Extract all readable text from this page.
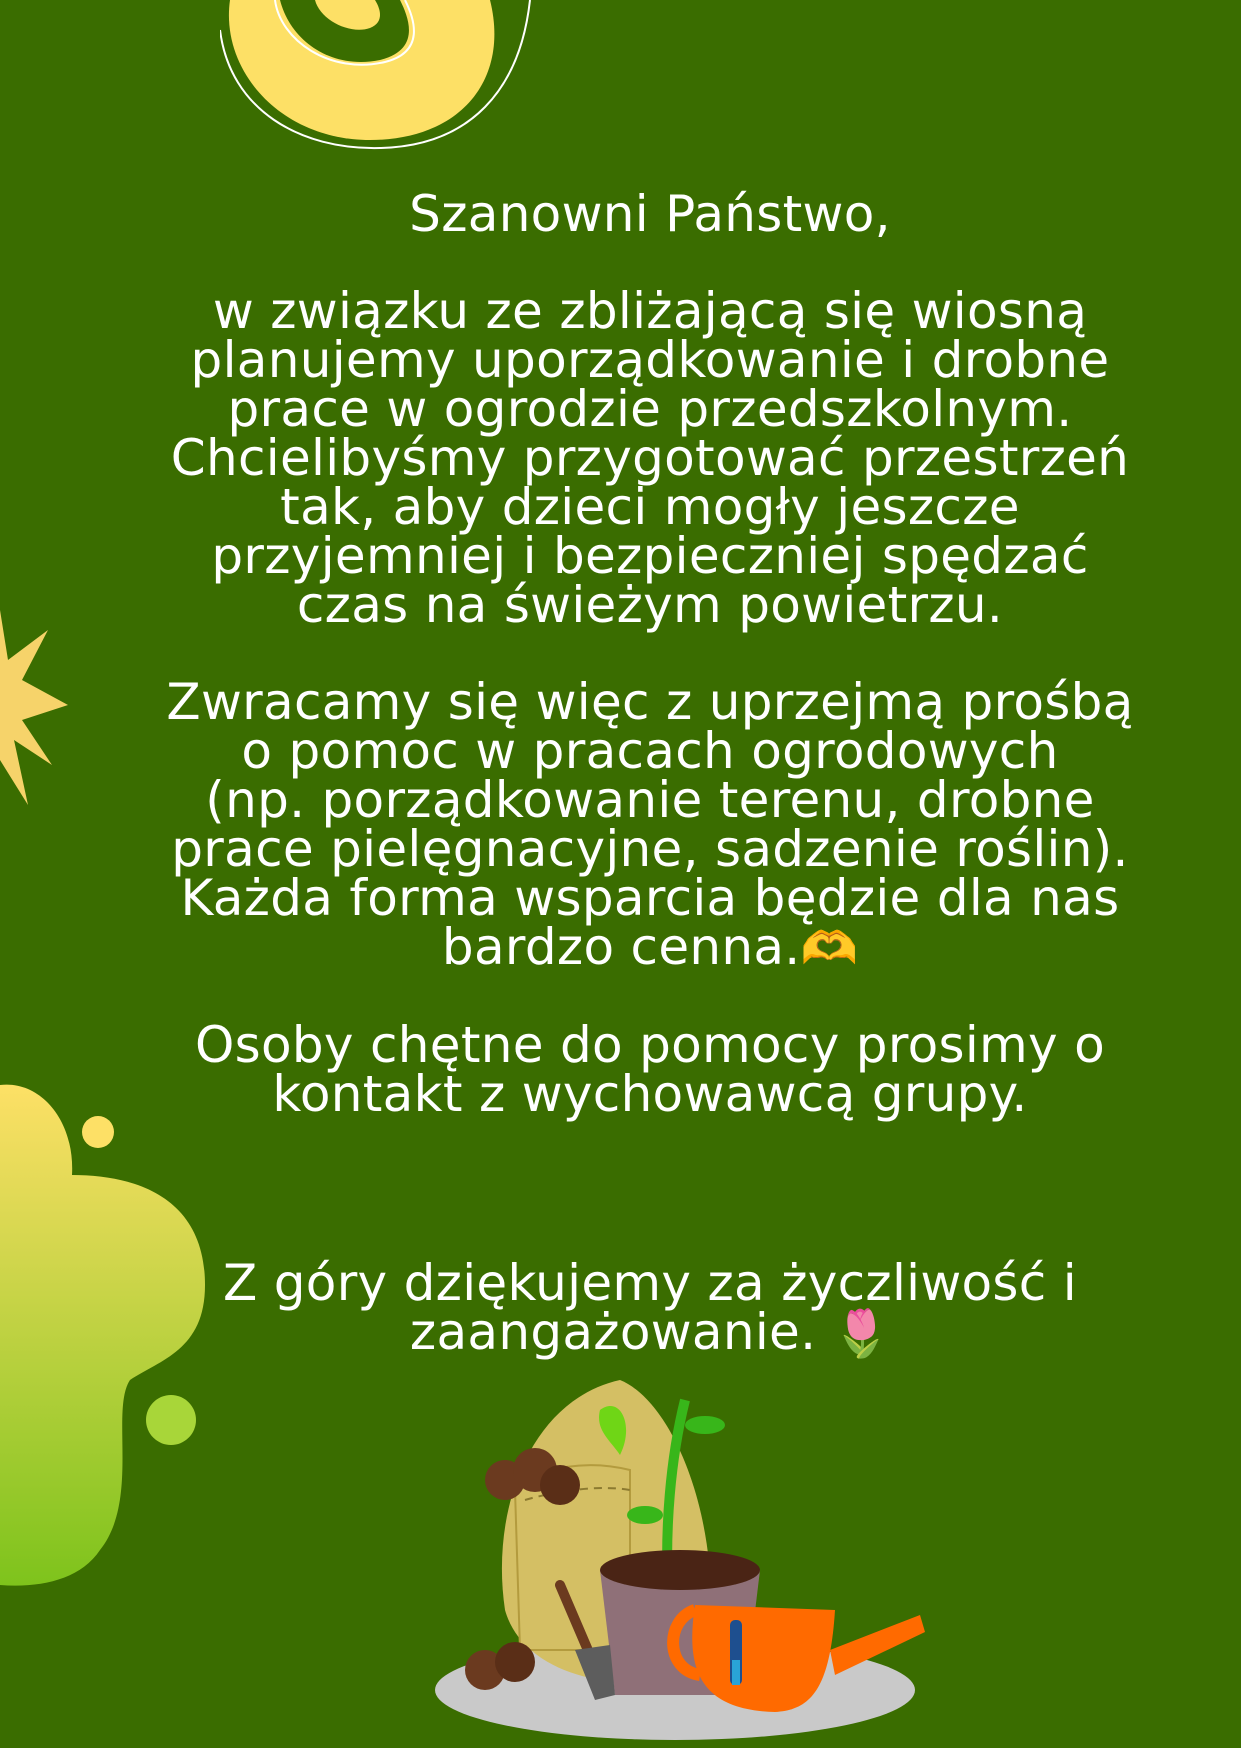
Szanowni Państwo,

w związku ze zbliżającą się wiosną
planujemy uporządkowanie i drobne
prace w ogrodzie przedszkolnym.
Chcielibyśmy przygotować przestrzeń
tak, aby dzieci mogły jeszcze
przyjemniej i bezpieczniej spędzać
czas na świeżym powietrzu.

Zwracamy się więc z uprzejmą prośbą
o pomoc w pracach ogrodowych
(np. porządkowanie terenu, drobne
prace pielęgnacyjne, sadzenie roślin).
Każda forma wsparcia będzie dla nas
bardzo cenna.🫶

Osoby chętne do pomocy prosimy o
kontakt z wychowawcą grupy.

Z góry dziękujemy za życzliwość i
zaangażowanie. 🌷
